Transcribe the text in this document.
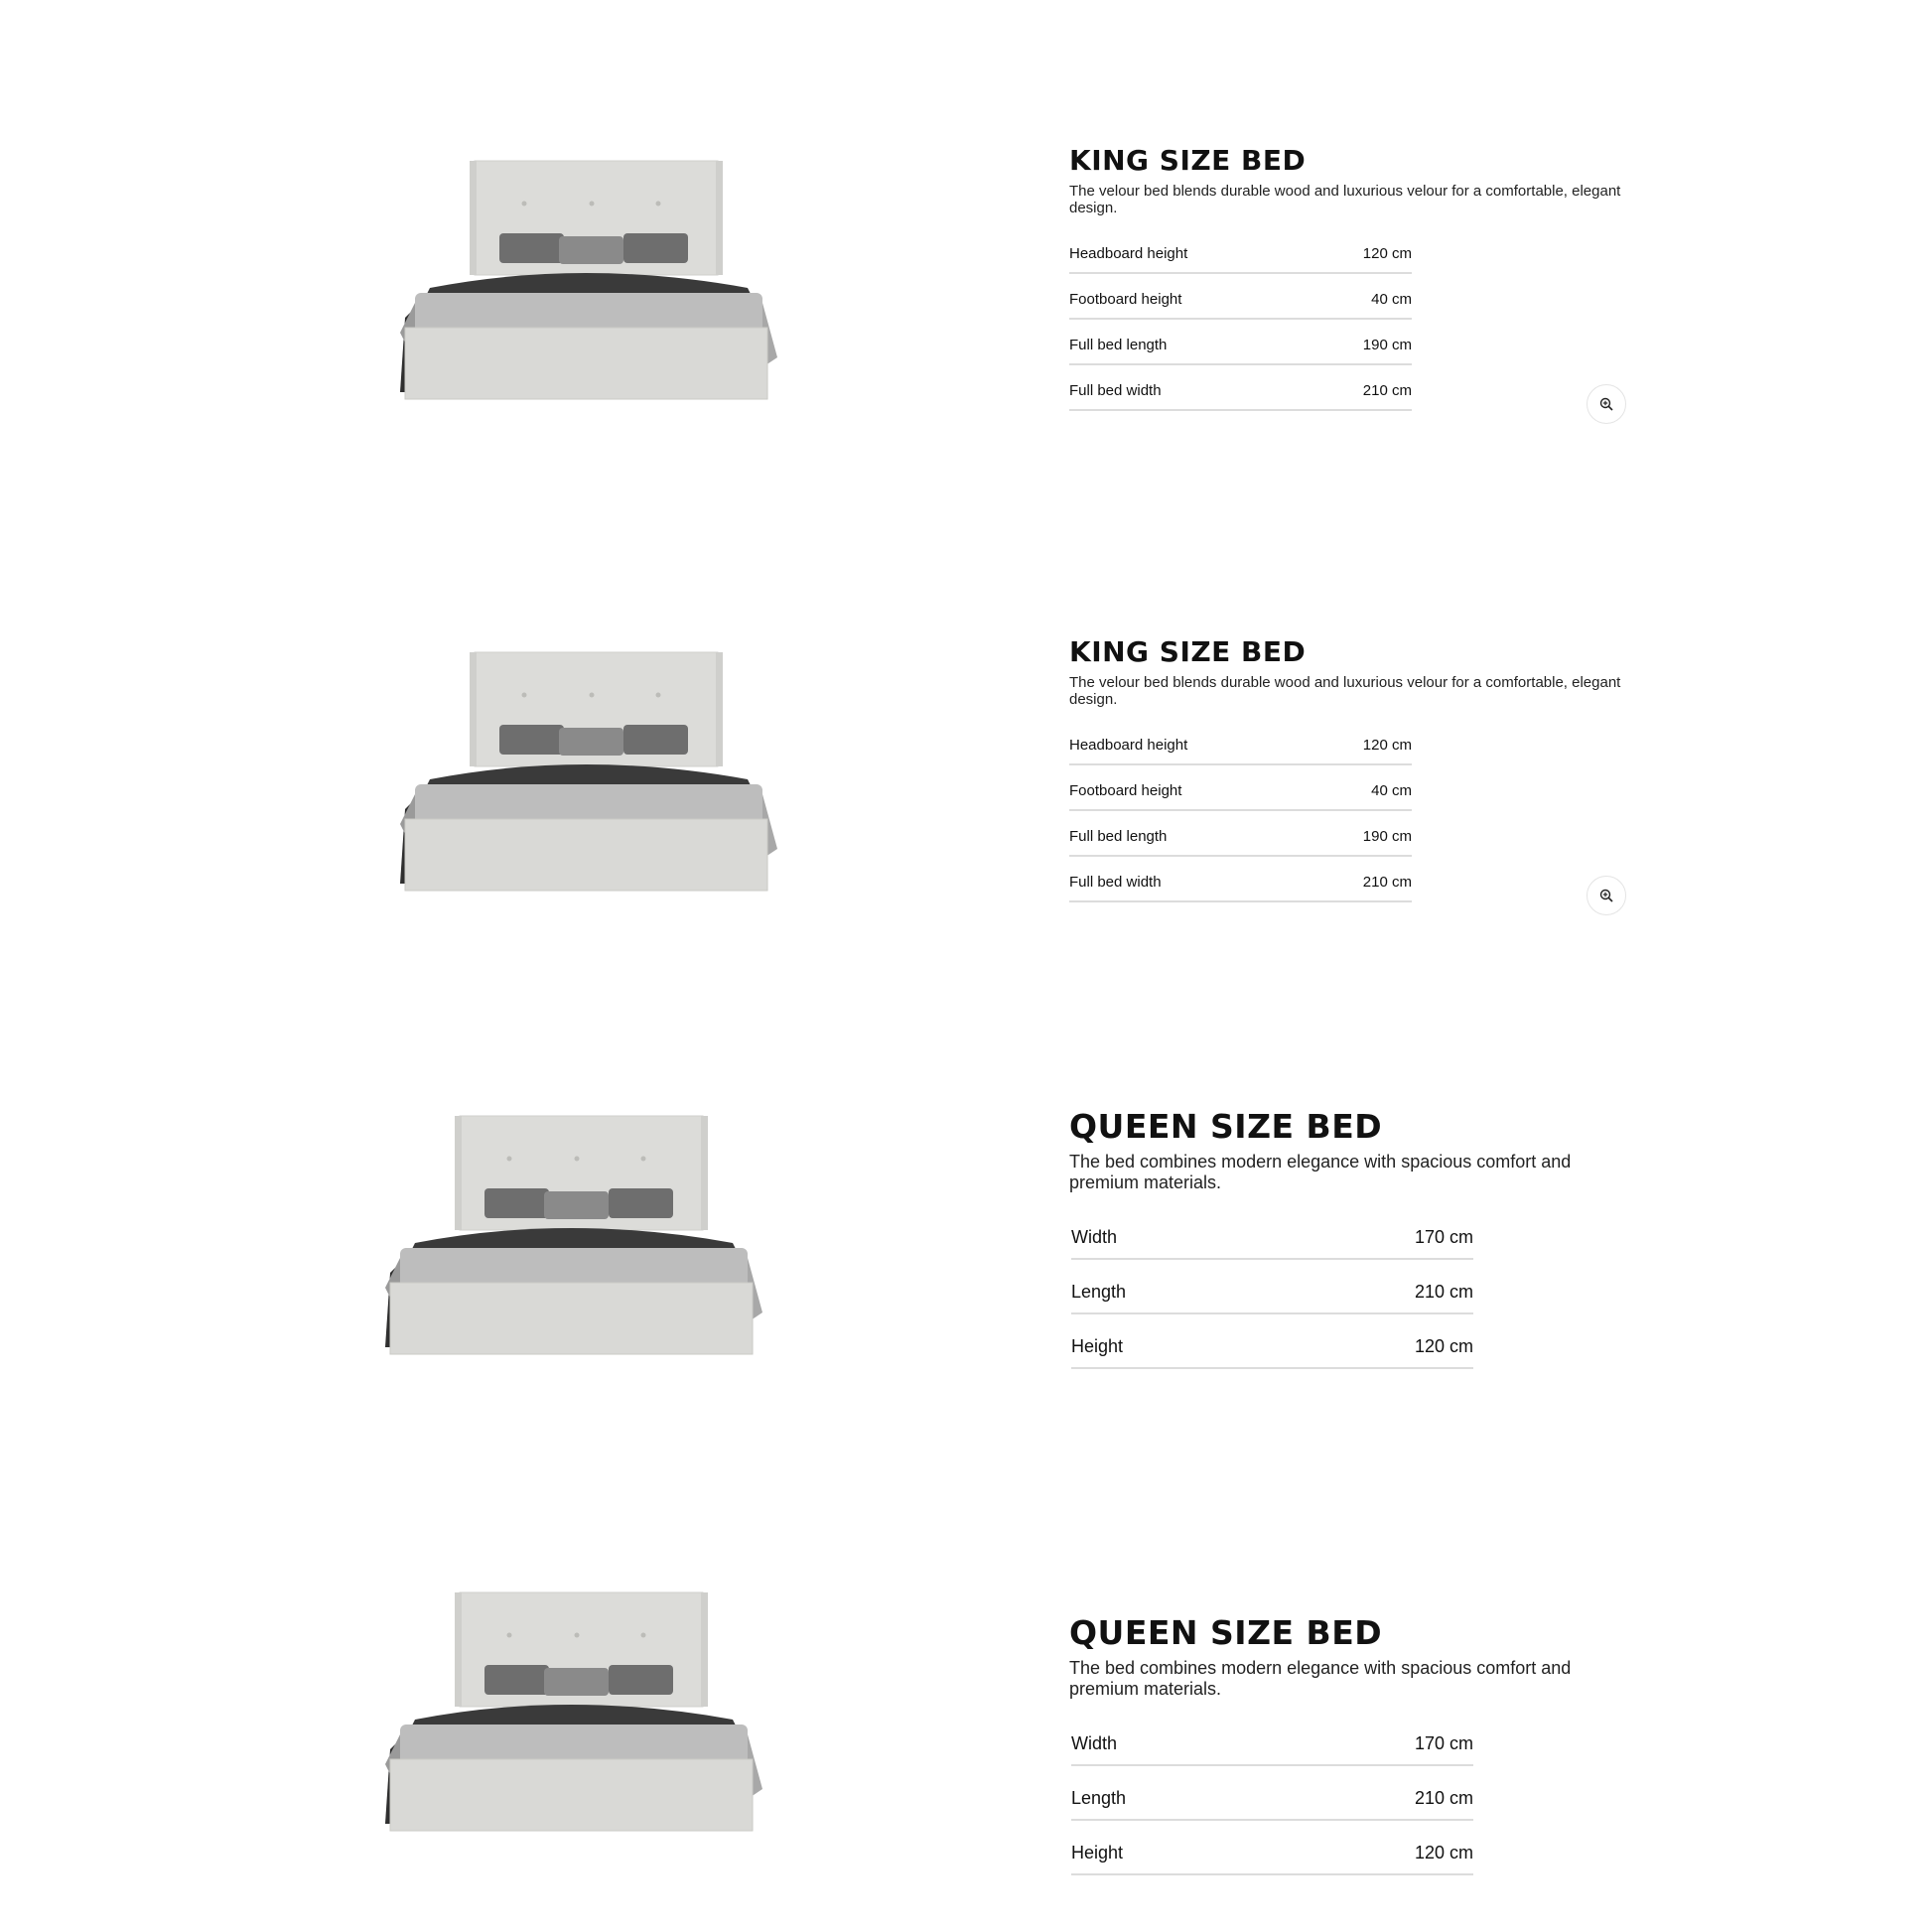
KING SIZE BED

The velour bed blends durable wood and luxurious velour for a comfortable, elegant design.

Headboard height	120 cm
Footboard height	40 cm
Full bed length	190 cm
Full bed width	210 cm
KING SIZE BED

The velour bed blends durable wood and luxurious velour for a comfortable, elegant design.

Headboard height	120 cm
Footboard height	40 cm
Full bed length	190 cm
Full bed width	210 cm
QUEEN SIZE BED

The bed combines modern elegance with spacious comfort and premium materials.

Width	170 cm
Length	210 cm
Height	120 cm
QUEEN SIZE BED

The bed combines modern elegance with spacious comfort and premium materials.

Width	170 cm
Length	210 cm
Height	120 cm
